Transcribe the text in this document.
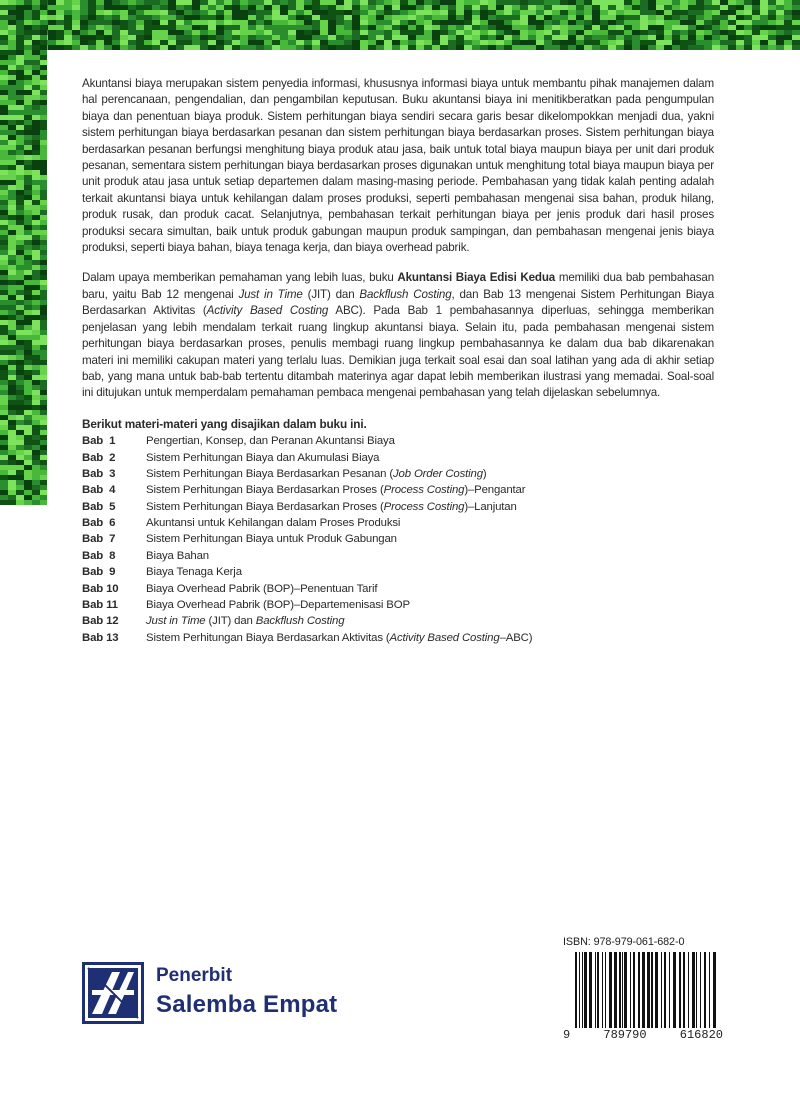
Akuntansi biaya merupakan sistem penyedia informasi, khususnya informasi biaya untuk membantu pihak manajemen dalam hal perencanaan, pengendalian, dan pengambilan keputusan. Buku akuntansi biaya ini menitikberatkan pada pengumpulan biaya dan penentuan biaya produk. Sistem perhitungan biaya sendiri secara garis besar dikelompokkan menjadi dua, yakni sistem perhitungan biaya berdasarkan pesanan dan sistem perhitungan biaya berdasarkan proses. Sistem perhitungan biaya berdasarkan pesanan berfungsi menghitung biaya produk atau jasa, baik untuk total biaya maupun biaya per unit dari produk pesanan, sementara sistem perhitungan biaya berdasarkan proses digunakan untuk menghitung total biaya maupun biaya per unit produk atau jasa untuk setiap departemen dalam masing-masing periode. Pembahasan yang tidak kalah penting adalah terkait akuntansi biaya untuk kehilangan dalam proses produksi, seperti pembahasan mengenai sisa bahan, produk hilang, produk rusak, dan produk cacat. Selanjutnya, pembahasan terkait perhitungan biaya per jenis produk dari hasil proses produksi secara simultan, baik untuk produk gabungan maupun produk sampingan, dan pembahasan mengenai jenis biaya produksi, seperti biaya bahan, biaya tenaga kerja, dan biaya overhead pabrik.

Dalam upaya memberikan pemahaman yang lebih luas, buku Akuntansi Biaya Edisi Kedua memiliki dua bab pembahasan baru, yaitu Bab 12 mengenai Just in Time (JIT) dan Backflush Costing, dan Bab 13 mengenai Sistem Perhitungan Biaya Berdasarkan Aktivitas (Activity Based Costing ABC). Pada Bab 1 pembahasannya diperluas, sehingga memberikan penjelasan yang lebih mendalam terkait ruang lingkup akuntansi biaya. Selain itu, pada pembahasan mengenai sistem perhitungan biaya berdasarkan proses, penulis membagi ruang lingkup pembahasannya ke dalam dua bab dikarenakan materi ini memiliki cakupan materi yang terlalu luas. Demikian juga terkait soal esai dan soal latihan yang ada di akhir setiap bab, yang mana untuk bab-bab tertentu ditambah materinya agar dapat lebih memberikan ilustrasi yang memadai. Soal-soal ini ditujukan untuk memperdalam pemahaman pembaca mengenai pembahasan yang telah dijelaskan sebelumnya.

Berikut materi-materi yang disajikan dalam buku ini.
Bab  1	Pengertian, Konsep, dan Peranan Akuntansi Biaya
Bab  2	Sistem Perhitungan Biaya dan Akumulasi Biaya
Bab  3	Sistem Perhitungan Biaya Berdasarkan Pesanan (Job Order Costing)
Bab  4	Sistem Perhitungan Biaya Berdasarkan Proses (Process Costing)–Pengantar
Bab  5	Sistem Perhitungan Biaya Berdasarkan Proses (Process Costing)–Lanjutan
Bab  6	Akuntansi untuk Kehilangan dalam Proses Produksi
Bab  7	Sistem Perhitungan Biaya untuk Produk Gabungan
Bab  8	Biaya Bahan
Bab  9	Biaya Tenaga Kerja
Bab 10	Biaya Overhead Pabrik (BOP)–Penentuan Tarif
Bab 11	Biaya Overhead Pabrik (BOP)–Departemenisasi BOP
Bab 12	Just in Time (JIT) dan Backflush Costing
Bab 13	Sistem Perhitungan Biaya Berdasarkan Aktivitas (Activity Based Costing–ABC)
Penerbit
Salemba Empat
ISBN: 978-979-061-682-0
9	789790	616820
